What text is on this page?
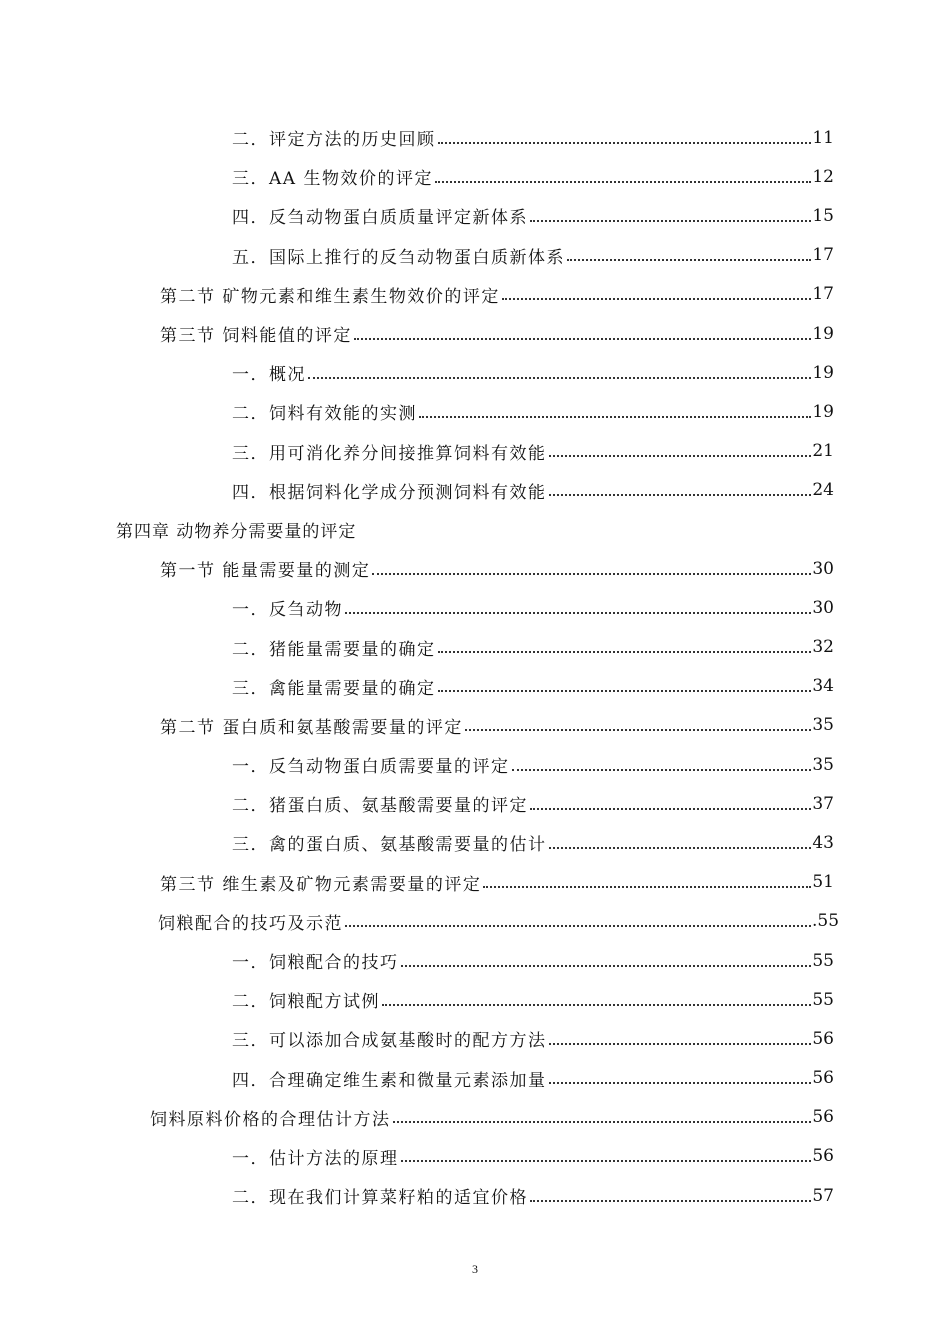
二．评定方法的历史回顾	11
三．AA 生物效价的评定	12
四．反刍动物蛋白质质量评定新体系	15
五．国际上推行的反刍动物蛋白质新体系	17
第二节 矿物元素和维生素生物效价的评定	17
第三节 饲料能值的评定	19
一．概况	19
二．饲料有效能的实测	19
三．用可消化养分间接推算饲料有效能	21
四．根据饲料化学成分预测饲料有效能	24
第四章 动物养分需要量的评定
第一节 能量需要量的测定	30
一．反刍动物	30
二．猪能量需要量的确定	32
三．禽能量需要量的确定	34
第二节 蛋白质和氨基酸需要量的评定	35
一．反刍动物蛋白质需要量的评定	35
二．猪蛋白质、氨基酸需要量的评定	37
三．禽的蛋白质、氨基酸需要量的估计	43
第三节 维生素及矿物元素需要量的评定	51
饲粮配合的技巧及示范	.55
一．饲粮配合的技巧	55
二．饲粮配方试例	55
三．可以添加合成氨基酸时的配方方法	56
四．合理确定维生素和微量元素添加量	56
饲料原料价格的合理估计方法	56
一．估计方法的原理	56
二．现在我们计算菜籽粕的适宜价格	57
3
